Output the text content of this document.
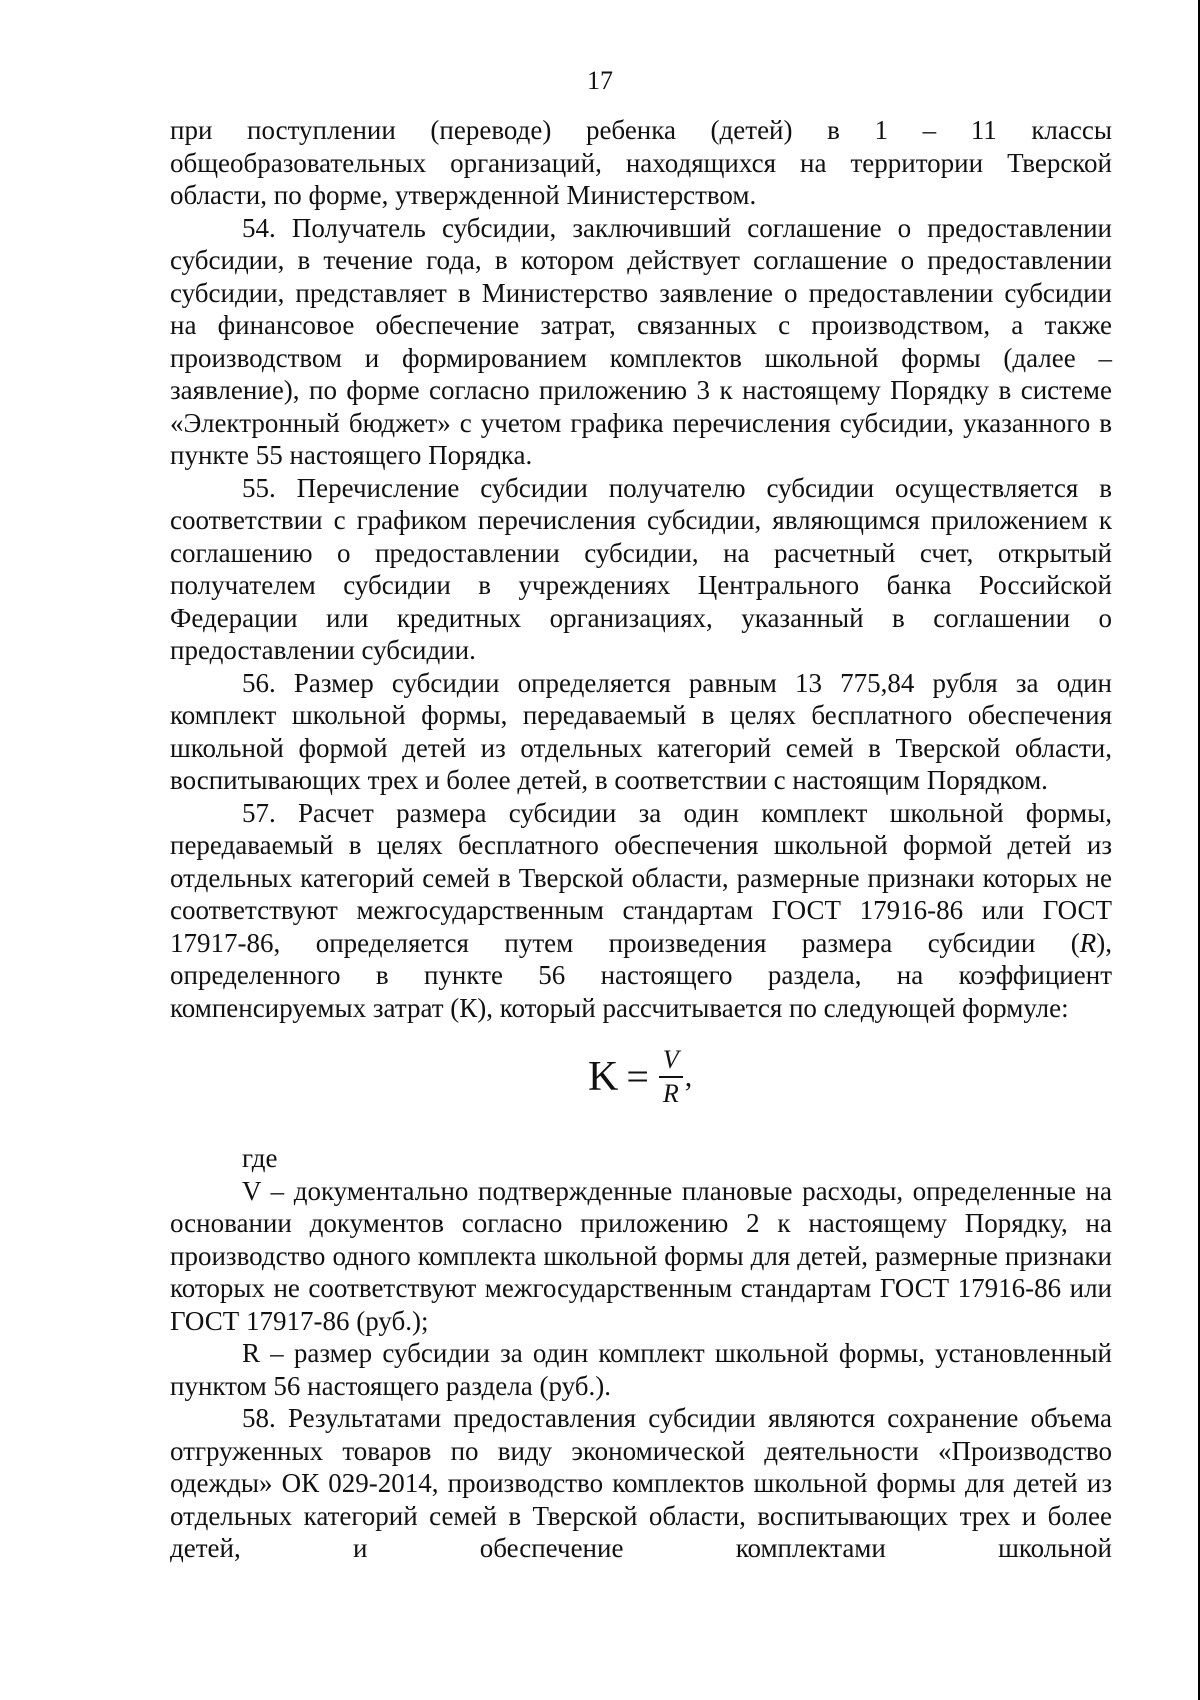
17

при поступлении (переводе) ребенка (детей) в 1 – 11 классы

общеобразовательных организаций, находящихся на территории Тверской области, по форме, утвержденной Министерством.

54. Получатель субсидии, заключивший соглашение о предоставлении субсидии, в течение года, в котором действует соглашение о предоставлении субсидии, представляет в Министерство заявление о предоставлении субсидии на финансовое обеспечение затрат, связанных с производством, а также производством и формированием комплектов школьной формы (далее – заявление), по форме согласно приложению 3 к настоящему Порядку в системе «Электронный бюджет» с учетом графика перечисления субсидии, указанного в пункте 55 настоящего Порядка.

55. Перечисление субсидии получателю субсидии осуществляется в соответствии с графиком перечисления субсидии, являющимся приложением к соглашению о предоставлении субсидии, на расчетный счет, открытый получателем субсидии в учреждениях Центрального банка Российской Федерации или кредитных организациях, указанный в соглашении о предоставлении субсидии.

56. Размер субсидии определяется равным 13 775,84 рубля за один комплект школьной формы, передаваемый в целях бесплатного обеспечения школьной формой детей из отдельных категорий семей в Тверской области, воспитывающих трех и более детей, в соответствии с настоящим Порядком.

57. Расчет размера субсидии за один комплект школьной формы, передаваемый в целях бесплатного обеспечения школьной формой детей из отдельных категорий семей в Тверской области, размерные признаки которых не соответствуют межгосударственным стандартам ГОСТ 17916-86 или ГОСТ 17917-86, определяется путем произведения размера субсидии (R), определенного в пункте 56 настоящего раздела, на коэффициент компенсируемых затрат (К), который рассчитывается по следующей формуле:

$K = \frac{V}{R}$ ,

где

V – документально подтвержденные плановые расходы, определенные на основании документов согласно приложению 2 к настоящему Порядку, на производство одного комплекта школьной формы для детей, размерные признаки которых не соответствуют межгосударственным стандартам ГОСТ 17916-86 или ГОСТ 17917-86 (руб.);

R – размер субсидии за один комплект школьной формы, установленный пунктом 56 настоящего раздела (руб.).

58. Результатами предоставления субсидии являются сохранение объема отгруженных товаров по виду экономической деятельности «Производство одежды» ОК 029-2014, производство комплектов школьной формы для детей из отдельных категорий семей в Тверской области, воспитывающих трех и более детей, и обеспечение комплектами школьной
